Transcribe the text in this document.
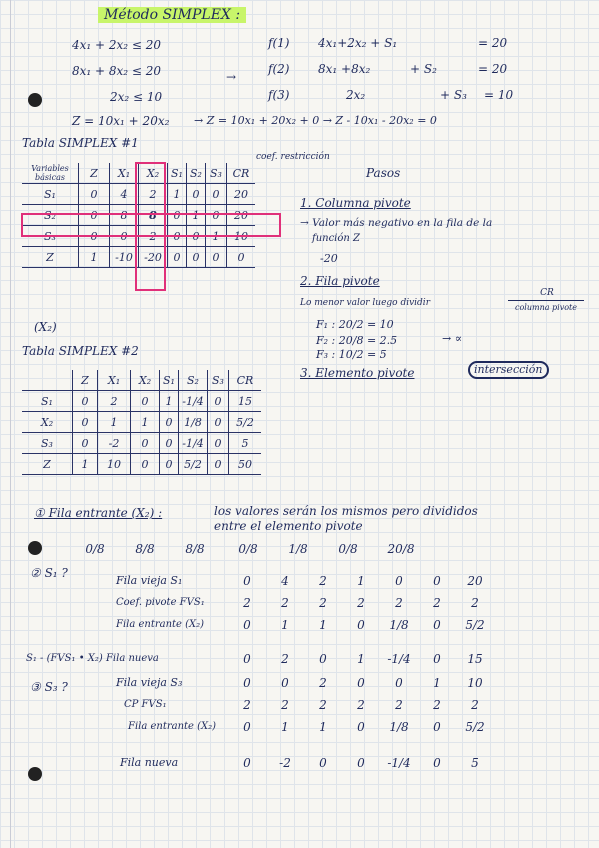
Método SIMPLEX :
4x₁ + 2x₂ ≤ 20
8x₁ + 8x₂ ≤ 20
2x₂ ≤ 10
f(1) 4x₁+2x₂ + S₁	= 20
→
f(2) 8x₁ +8x₂	+ S₂	= 20
f(3)	2x₂	+ S₃ = 10
Z = 10x₁ + 20x₂ → Z = 10x₁ + 20x₂ + 0 → Z - 10x₁ - 20x₂ = 0
Tabla SIMPLEX #1
coef. restricción
Variables básicas	Z	X₁	X₂	S₁	S₂	S₃	CR
S₁	0	4	2	1	0	0	20
S₂	0	8	8	0	1	0	20
S₃	0	0	2	0	0	1	10
Z	1	-10	-20	0	0	0	0
Pasos
1. Columna pivote
→ Valor más negativo en la fila de la
función Z
-20
2. Fila pivote
Lo menor valor luego dividir
CR
columna pivote
F₁ : 20/2 = 10
F₂ : 20/8 = 2.5	→ ∝
F₃ : 10/2 = 5
3. Elemento pivote	intersección
(X₂)
Tabla SIMPLEX #2
	Z	X₁	X₂	S₁	S₂	S₃	CR
S₁	0	2	0	1	-1/4	0	15
X₂	0	1	1	0	1/8	0	5/2
S₃	0	-2	0	0	-1/4	0	5
Z	1	10	0	0	5/2	0	50
① Fila entrante (X₂) :	los valores serán los mismos pero divididos
entre el elemento pivote
0/8	8/8	8/8	0/8	1/8	0/8	20/8
② S₁ ?
Fila vieja S₁	0	4	2	1	0	0	20
Coef. pivote FVS₁	2	2	2	2	2	2	2
Fila entrante (X₂)	0	1	1	0	1/8	0	5/2
S₁ - (FVS₁ • X₂) Fila nueva	0	2	0	1	-1/4	0	15
③ S₃ ?	Fila vieja S₃	0	0	2	0	0	1	10
CP FVS₁	2	2	2	2	2	2	2
Fila entrante (X₂)	0	1	1	0	1/8	0	5/2
Fila nueva	0	-2	0	0	-1/4	0	5
